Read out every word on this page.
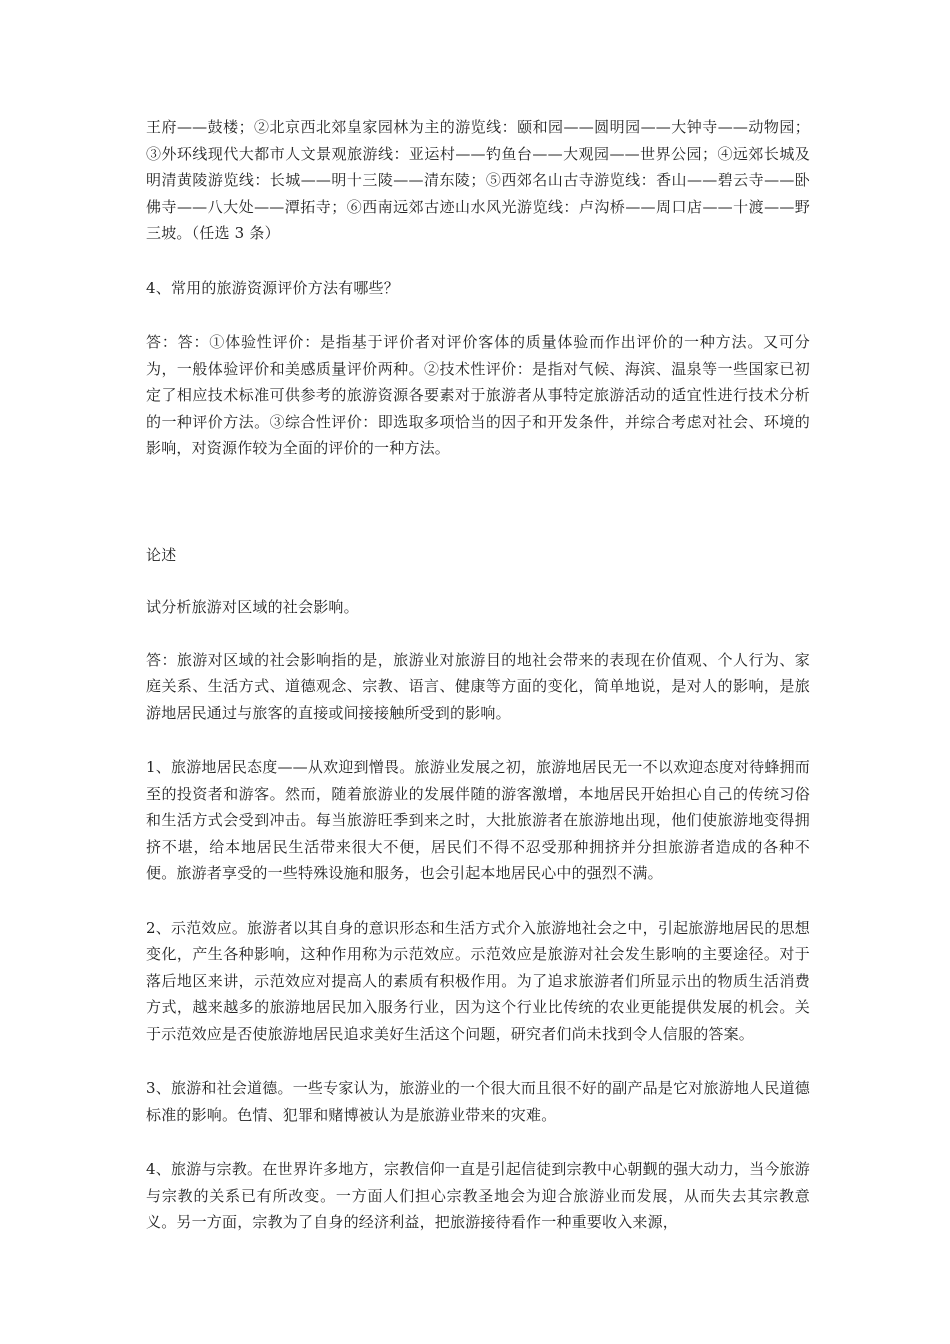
王府——鼓楼；②北京西北郊皇家园林为主的游览线：颐和园——圆明园——大钟寺——动物园；③外环线现代大都市人文景观旅游线：亚运村——钓鱼台——大观园——世界公园；④远郊长城及明清黄陵游览线：长城——明十三陵——清东陵；⑤西郊名山古寺游览线：香山——碧云寺——卧佛寺——八大处——潭拓寺；⑥西南远郊古迹山水风光游览线：卢沟桥——周口店——十渡——野三坡。（任选 3 条）

4、常用的旅游资源评价方法有哪些？

答：答：①体验性评价：是指基于评价者对评价客体的质量体验而作出评价的一种方法。又可分为，一般体验评价和美感质量评价两种。②技术性评价：是指对气候、海滨、温泉等一些国家已初定了相应技术标准可供参考的旅游资源各要素对于旅游者从事特定旅游活动的适宜性进行技术分析的一种评价方法。③综合性评价：即选取多项恰当的因子和开发条件，并综合考虑对社会、环境的影响，对资源作较为全面的评价的一种方法。

论述

试分析旅游对区域的社会影响。

答：旅游对区域的社会影响指的是，旅游业对旅游目的地社会带来的表现在价值观、个人行为、家庭关系、生活方式、道德观念、宗教、语言、健康等方面的变化，简单地说，是对人的影响，是旅游地居民通过与旅客的直接或间接接触所受到的影响。

1、旅游地居民态度——从欢迎到憎畏。旅游业发展之初，旅游地居民无一不以欢迎态度对待蜂拥而至的投资者和游客。然而，随着旅游业的发展伴随的游客激增，本地居民开始担心自己的传统习俗和生活方式会受到冲击。每当旅游旺季到来之时，大批旅游者在旅游地出现，他们使旅游地变得拥挤不堪，给本地居民生活带来很大不便，居民们不得不忍受那种拥挤并分担旅游者造成的各种不便。旅游者享受的一些特殊设施和服务，也会引起本地居民心中的强烈不满。

2、示范效应。旅游者以其自身的意识形态和生活方式介入旅游地社会之中，引起旅游地居民的思想变化，产生各种影响，这种作用称为示范效应。示范效应是旅游对社会发生影响的主要途径。对于落后地区来讲，示范效应对提高人的素质有积极作用。为了追求旅游者们所显示出的物质生活消费方式，越来越多的旅游地居民加入服务行业，因为这个行业比传统的农业更能提供发展的机会。关于示范效应是否使旅游地居民追求美好生活这个问题，研究者们尚未找到令人信服的答案。

3、旅游和社会道德。一些专家认为，旅游业的一个很大而且很不好的副产品是它对旅游地人民道德标准的影响。色情、犯罪和赌博被认为是旅游业带来的灾难。

4、旅游与宗教。在世界许多地方，宗教信仰一直是引起信徒到宗教中心朝觐的强大动力，当今旅游与宗教的关系已有所改变。一方面人们担心宗教圣地会为迎合旅游业而发展，从而失去其宗教意义。另一方面，宗教为了自身的经济利益，把旅游接待看作一种重要收入来源，
